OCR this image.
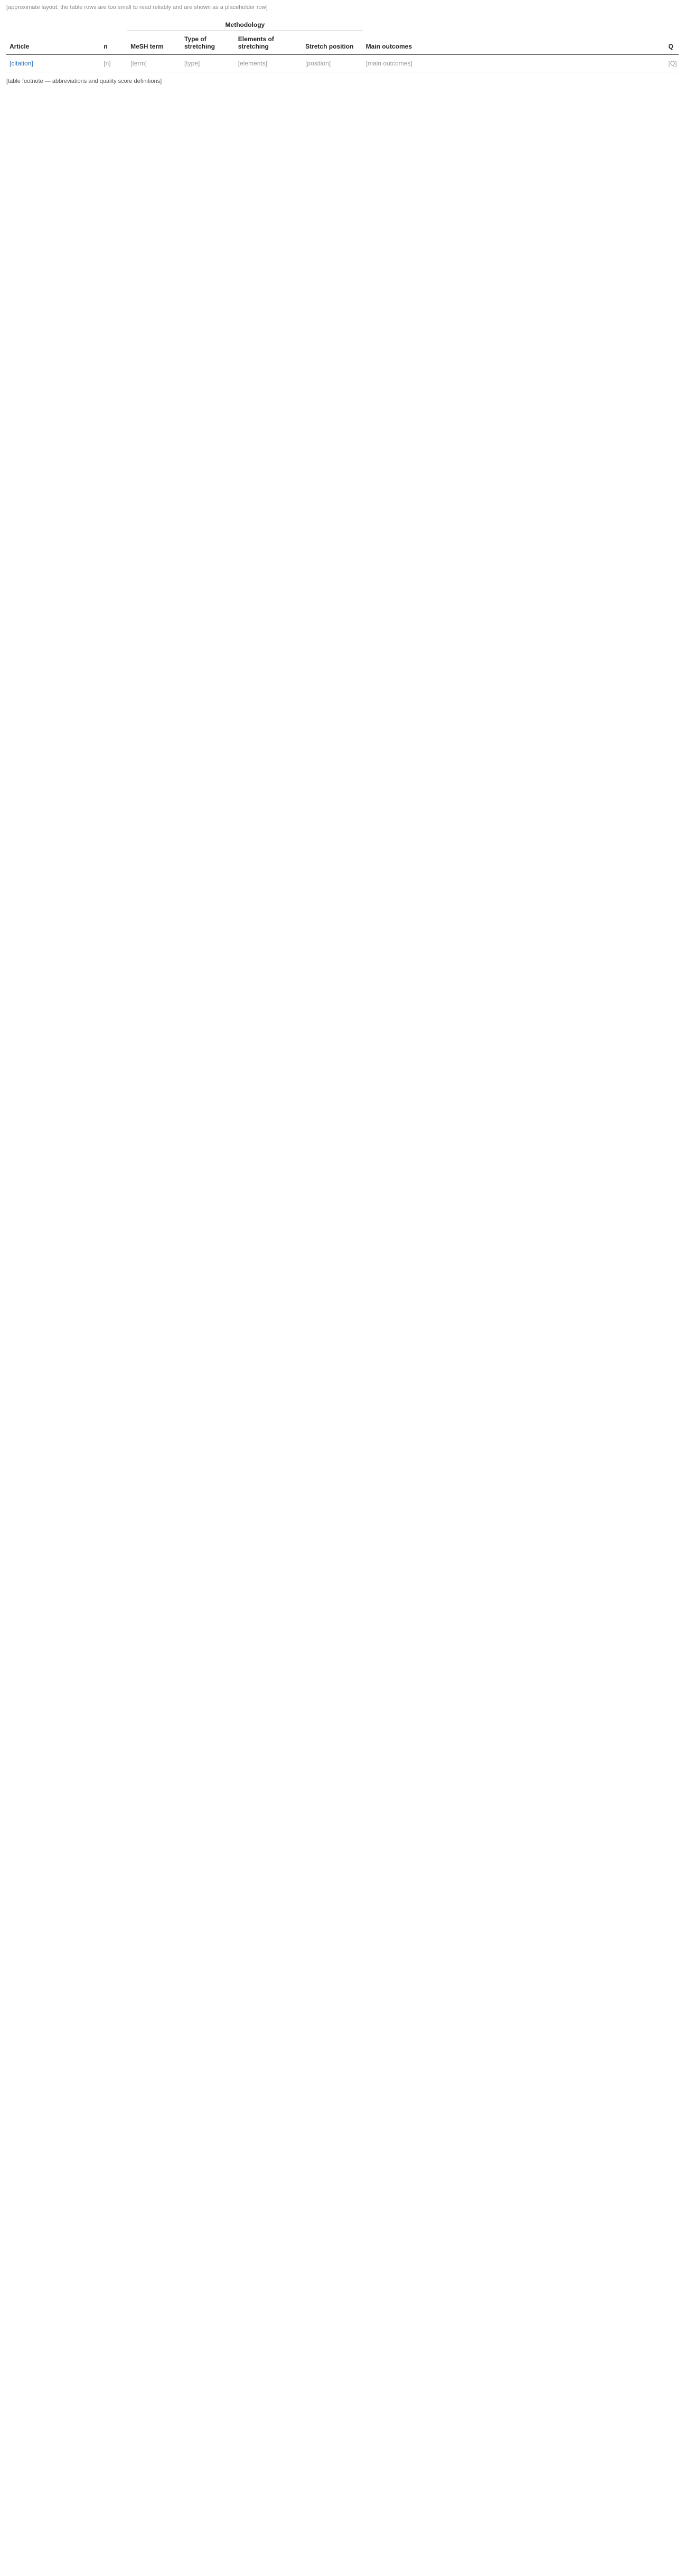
[approximate layout; the table rows are too small to read reliably and are shown as a placeholder row]
Article	n	Methodology				Main outcomes	Q
		MeSH term	Type of stretching	Elements of stretching	Stretch position		
[citation]	[n]	[term]	[type]	[elements]	[position]	[main outcomes]	[Q]
[table footnote — abbreviations and quality score definitions]
